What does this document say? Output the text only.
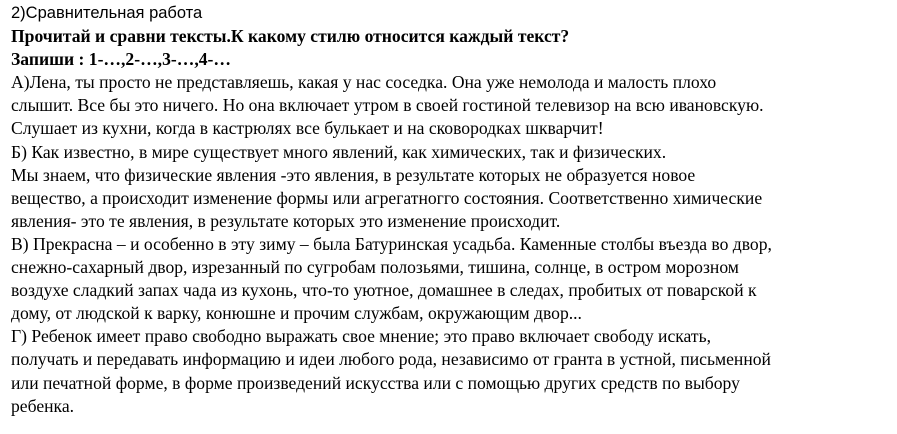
2)Сравнительная работа
Прочитай и сравни тексты.К какому стилю относится каждый текст?
Запиши : 1-…,2-…,3-…,4-…
А)Лена, ты просто не представляешь, какая у нас соседка. Она уже немолода и малость плохо
слышит. Все бы это ничего. Но она включает утром в своей гостиной телевизор на всю ивановскую.
Слушает из кухни, когда в кастрюлях все булькает и на сковородках шкварчит!
Б) Как известно, в мире существует много явлений, как химических, так и физических.
Мы знаем, что физические явления -это явления, в результате которых не образуется новое
вещество, а происходит изменение формы или агрегатногго состояния. Соответственно химические
явления- это те явления, в результате которых это изменение происходит.
В) Прекрасна – и особенно в эту зиму – была Батуринская усадьба. Каменные столбы въезда во двор,
снежно-сахарный двор, изрезанный по сугробам полозьями, тишина, солнце, в остром морозном
воздухе сладкий запах чада из кухонь, что-то уютное, домашнее в следах, пробитых от поварской к
дому, от людской к варку, конюшне и прочим службам, окружающим двор...
Г) Ребенок имеет право свободно выражать свое мнение; это право включает свободу искать,
получать и передавать информацию и идеи любого рода, независимо от гранта в устной, письменной
или печатной форме, в форме произведений искусства или с помощью других средств по выбору
ребенка.
